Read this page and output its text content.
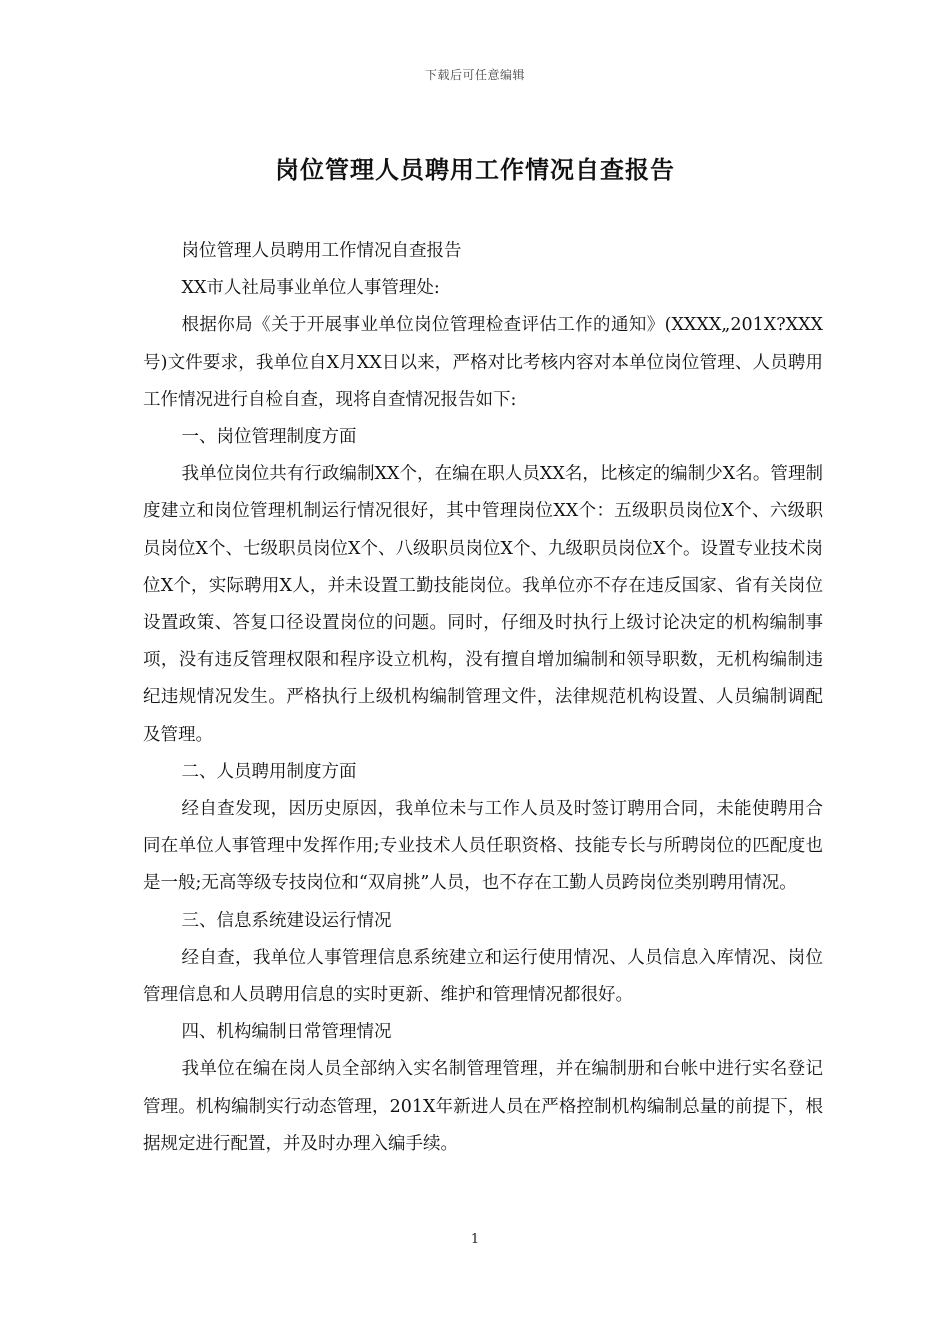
下载后可任意编辑
岗位管理人员聘用工作情况自查报告

岗位管理人员聘用工作情况自查报告

XX市人社局事业单位人事管理处:

根据你局《关于开展事业单位岗位管理检查评估工作的通知》(XXXX„201X?XXX号)文件要求，我单位自X月XX日以来，严格对比考核内容对本单位岗位管理、人员聘用工作情况进行自检自查，现将自查情况报告如下:

一、岗位管理制度方面

我单位岗位共有行政编制XX个，在编在职人员XX名，比核定的编制少X名。管理制度建立和岗位管理机制运行情况很好，其中管理岗位XX个：五级职员岗位X个、六级职员岗位X个、七级职员岗位X个、八级职员岗位X个、九级职员岗位X个。设置专业技术岗位X个，实际聘用X人，并未设置工勤技能岗位。我单位亦不存在违反国家、省有关岗位设置政策、答复口径设置岗位的问题。同时，仔细及时执行上级讨论决定的机构编制事项，没有违反管理权限和程序设立机构，没有擅自增加编制和领导职数，无机构编制违纪违规情况发生。严格执行上级机构编制管理文件，法律规范机构设置、人员编制调配及管理。

二、人员聘用制度方面

经自查发现，因历史原因，我单位未与工作人员及时签订聘用合同，未能使聘用合同在单位人事管理中发挥作用;专业技术人员任职资格、技能专长与所聘岗位的匹配度也是一般;无高等级专技岗位和“双肩挑”人员，也不存在工勤人员跨岗位类别聘用情况。

三、信息系统建设运行情况

经自查，我单位人事管理信息系统建立和运行使用情况、人员信息入库情况、岗位管理信息和人员聘用信息的实时更新、维护和管理情况都很好。

四、机构编制日常管理情况

我单位在编在岗人员全部纳入实名制管理管理，并在编制册和台帐中进行实名登记管理。机构编制实行动态管理，201X年新进人员在严格控制机构编制总量的前提下，根据规定进行配置，并及时办理入编手续。

1
